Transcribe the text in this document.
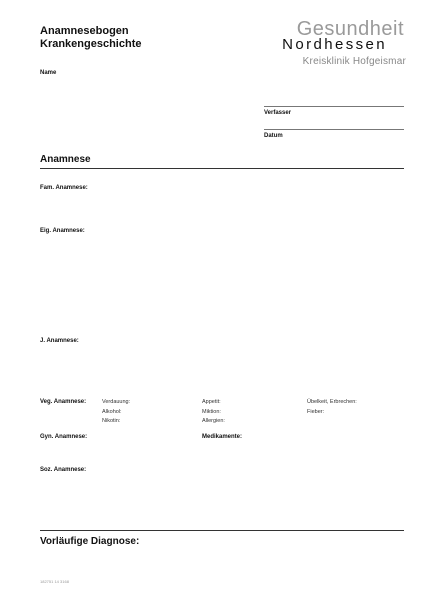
Anamnesebogen
Krankengeschichte
Gesundheit
Nordhessen
Kreisklinik Hofgeismar
Name
Verfasser
Datum
Anamnese
Fam. Anamnese:
Eig. Anamnese:
J. Anamnese:
Veg. Anamnese:	Verdauung:
Alkohol:
Nikotin:
Appetit:
Miktion:
Allergien:
Übelkeit, Erbrechen:
Fieber:
Gyn. Anamnese:	Medikamente:
Soz. Anamnese:
Vorläufige Diagnose:
182751 14 3168
